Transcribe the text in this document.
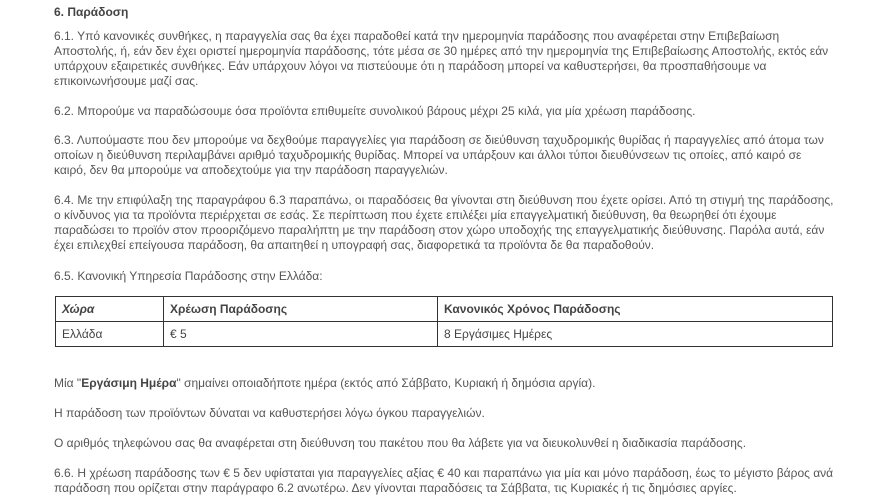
6. Παράδοση

6.1. Υπό κανονικές συνθήκες, η παραγγελία σας θα έχει παραδοθεί κατά την ημερομηνία παράδοσης που αναφέρεται στην Επιβεβαίωση Αποστολής, ή, εάν δεν έχει οριστεί ημερομηνία παράδοσης, τότε μέσα σε 30 ημέρες από την ημερομηνία της Επιβεβαίωσης Αποστολής, εκτός εάν υπάρχουν εξαιρετικές συνθήκες. Εάν υπάρχουν λόγοι να πιστεύουμε ότι η παράδοση μπορεί να καθυστερήσει, θα προσπαθήσουμε να επικοινωνήσουμε μαζί σας.

6.2. Μπορούμε να παραδώσουμε όσα προϊόντα επιθυμείτε συνολικού βάρους μέχρι 25 κιλά, για μία χρέωση παράδοσης.

6.3. Λυπούμαστε που δεν μπορούμε να δεχθούμε παραγγελίες για παράδοση σε διεύθυνση ταχυδρομικής θυρίδας ή παραγγελίες από άτομα των οποίων η διεύθυνση περιλαμβάνει αριθμό ταχυδρομικής θυρίδας. Μπορεί να υπάρξουν και άλλοι τύποι διευθύνσεων τις οποίες, από καιρό σε καιρό, δεν θα μπορούμε να αποδεχτούμε για την παράδοση παραγγελιών.

6.4. Με την επιφύλαξη της παραγράφου 6.3 παραπάνω, οι παραδόσεις θα γίνονται στη διεύθυνση που έχετε ορίσει. Από τη στιγμή της παράδοσης, ο κίνδυνος για τα προϊόντα περιέρχεται σε εσάς. Σε περίπτωση που έχετε επιλέξει μία επαγγελματική διεύθυνση, θα θεωρηθεί ότι έχουμε παραδώσει το προϊόν στον προοριζόμενο παραλήπτη με την παράδοση στον χώρο υποδοχής της επαγγελματικής διεύθυνσης. Παρόλα αυτά, εάν έχει επιλεχθεί επείγουσα παράδοση, θα απαιτηθεί η υπογραφή σας, διαφορετικά τα προϊόντα δε θα παραδοθούν.

6.5. Κανονική Υπηρεσία Παράδοσης στην Ελλάδα:

Χώρα	Χρέωση Παράδοσης	Κανονικός Χρόνος Παράδοσης
Ελλάδα	€ 5	8 Εργάσιμες Ημέρες

Μία "Εργάσιμη Ημέρα" σημαίνει οποιαδήποτε ημέρα (εκτός από Σάββατο, Κυριακή ή δημόσια αργία).

Η παράδοση των προϊόντων δύναται να καθυστερήσει λόγω όγκου παραγγελιών.

Ο αριθμός τηλεφώνου σας θα αναφέρεται στη διεύθυνση του πακέτου που θα λάβετε για να διευκολυνθεί η διαδικασία παράδοσης.

6.6. Η χρέωση παράδοσης των € 5 δεν υφίσταται για παραγγελίες αξίας € 40 και παραπάνω για μία και μόνο παράδοση, έως το μέγιστο βάρος ανά παράδοση που ορίζεται στην παράγραφο 6.2 ανωτέρω. Δεν γίνονται παραδόσεις τα Σάββατα, τις Κυριακές ή τις δημόσιες αργίες.
